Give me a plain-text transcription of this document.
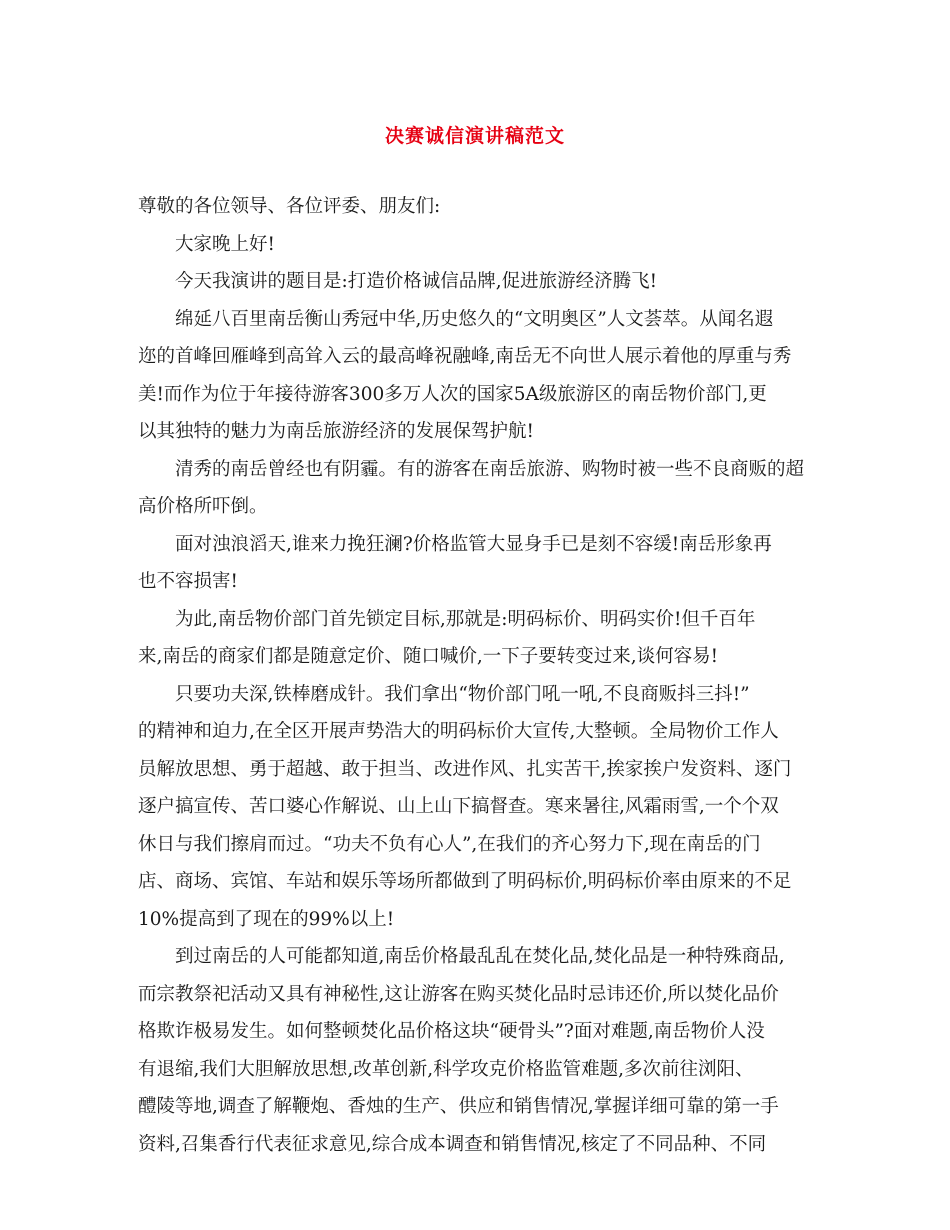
决赛诚信演讲稿范文
尊敬的各位领导、各位评委、朋友们:
大家晚上好!
今天我演讲的题目是:打造价格诚信品牌,促进旅游经济腾飞!
绵延八百里南岳衡山秀冠中华,历史悠久的“文明奥区”人文荟萃。从闻名遐
迩的首峰回雁峰到高耸入云的最高峰祝融峰,南岳无不向世人展示着他的厚重与秀
美!而作为位于年接待游客300多万人次的国家5A级旅游区的南岳物价部门,更
以其独特的魅力为南岳旅游经济的发展保驾护航!
清秀的南岳曾经也有阴霾。有的游客在南岳旅游、购物时被一些不良商贩的超
高价格所吓倒。
面对浊浪滔天,谁来力挽狂澜?价格监管大显身手已是刻不容缓!南岳形象再
也不容损害!
为此,南岳物价部门首先锁定目标,那就是:明码标价、明码实价!但千百年
来,南岳的商家们都是随意定价、随口喊价,一下子要转变过来,谈何容易!
只要功夫深,铁棒磨成针。我们拿出“物价部门吼一吼,不良商贩抖三抖!”
的精神和迫力,在全区开展声势浩大的明码标价大宣传,大整顿。全局物价工作人
员解放思想、勇于超越、敢于担当、改进作风、扎实苦干,挨家挨户发资料、逐门
逐户搞宣传、苦口婆心作解说、山上山下搞督查。寒来暑往,风霜雨雪,一个个双
休日与我们擦肩而过。“功夫不负有心人”,在我们的齐心努力下,现在南岳的门
店、商场、宾馆、车站和娱乐等场所都做到了明码标价,明码标价率由原来的不足
10%提高到了现在的99%以上!
到过南岳的人可能都知道,南岳价格最乱乱在焚化品,焚化品是一种特殊商品,
而宗教祭祀活动又具有神秘性,这让游客在购买焚化品时忌讳还价,所以焚化品价
格欺诈极易发生。如何整顿焚化品价格这块“硬骨头”?面对难题,南岳物价人没
有退缩,我们大胆解放思想,改革创新,科学攻克价格监管难题,多次前往浏阳、
醴陵等地,调查了解鞭炮、香烛的生产、供应和销售情况,掌握详细可靠的第一手
资料,召集香行代表征求意见,综合成本调查和销售情况,核定了不同品种、不同
